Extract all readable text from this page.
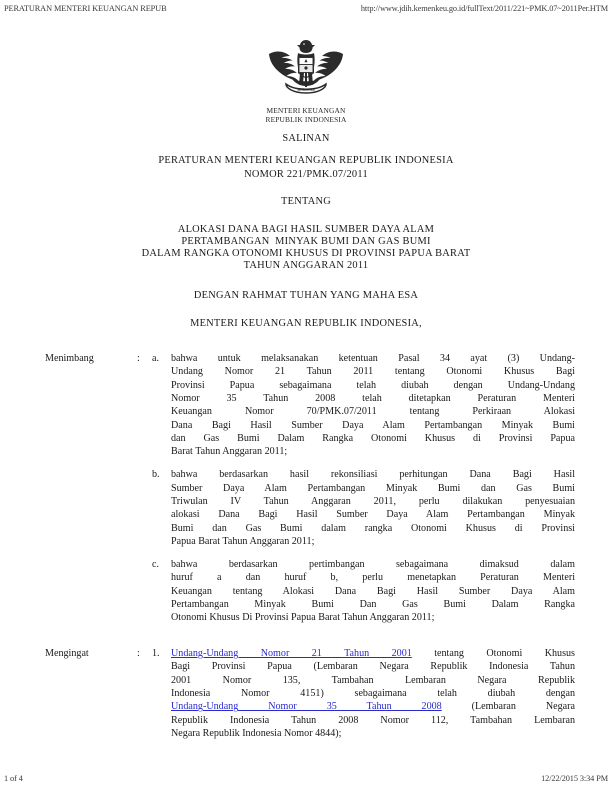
PERATURAN MENTERI KEUANGAN REPUB	http://www.jdih.kemenkeu.go.id/fullText/2011/221~PMK.07~2011Per.HTM
Bhinneka
MENTERI KEUANGAN
REPUBLIK INDONESIA
SALINAN
PERATURAN MENTERI KEUANGAN REPUBLIK INDONESIA
NOMOR 221/PMK.07/2011
TENTANG
ALOKASI DANA BAGI HASIL SUMBER DAYA ALAM
PERTAMBANGAN  MINYAK BUMI DAN GAS BUMI
DALAM RANGKA OTONOMI KHUSUS DI PROVINSI PAPUA BARAT
TAHUN ANGGARAN 2011
DENGAN RAHMAT TUHAN YANG MAHA ESA
MENTERI KEUANGAN REPUBLIK INDONESIA,
Menimbang	: a. bahwa untuk melaksanakan ketentuan Pasal 34 ayat (3) Undang-
Undang Nomor 21 Tahun 2011 tentang Otonomi Khusus Bagi
Provinsi Papua sebagaimana telah diubah dengan Undang-Undang
Nomor 35 Tahun 2008 telah ditetapkan Peraturan Menteri
Keuangan Nomor 70/PMK.07/2011 tentang Perkiraan Alokasi
Dana Bagi Hasil Sumber Daya Alam Pertambangan Minyak Bumi
dan Gas Bumi Dalam Rangka Otonomi Khusus di Provinsi Papua
Barat Tahun Anggaran 2011;
b. bahwa berdasarkan hasil rekonsiliasi perhitungan Dana Bagi Hasil
Sumber Daya Alam Pertambangan Minyak Bumi dan Gas Bumi
Triwulan IV Tahun Anggaran 2011, perlu dilakukan penyesuaian
alokasi Dana Bagi Hasil Sumber Daya Alam Pertambangan Minyak
Bumi dan Gas Bumi dalam rangka Otonomi Khusus di Provinsi
Papua Barat Tahun Anggaran 2011;
c. bahwa berdasarkan pertimbangan sebagaimana dimaksud dalam
huruf a dan huruf b, perlu menetapkan Peraturan Menteri
Keuangan tentang Alokasi Dana Bagi Hasil Sumber Daya Alam
Pertambangan Minyak Bumi Dan Gas Bumi Dalam Rangka
Otonomi Khusus Di Provinsi Papua Barat Tahun Anggaran 2011;
Mengingat	: 1. Undang-Undang Nomor 21 Tahun 2001 tentang Otonomi Khusus
Bagi Provinsi Papua (Lembaran Negara Republik Indonesia Tahun
2001 Nomor 135, Tambahan Lembaran Negara Republik
Indonesia Nomor 4151) sebagaimana telah diubah dengan
Undang-Undang Nomor 35 Tahun 2008 (Lembaran Negara
Republik Indonesia Tahun 2008 Nomor 112, Tambahan Lembaran
Negara Republik Indonesia Nomor 4844);
1 of 4	12/22/2015 3:34 PM
